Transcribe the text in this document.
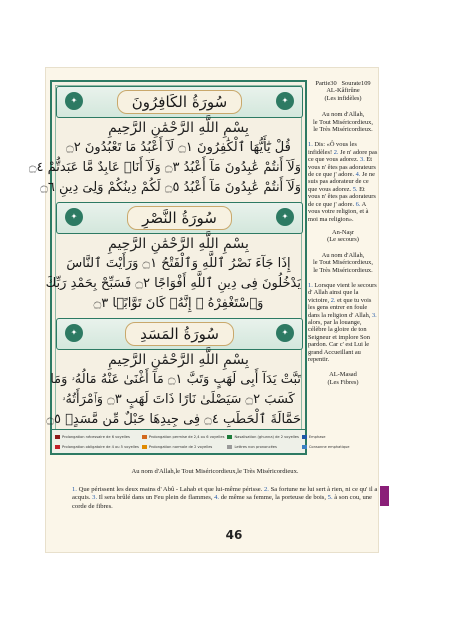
✦	سُورَةُ الكَافِرُونَ	✦
بِسْمِ اللَّهِ الرَّحْمَٰنِ الرَّحِيمِ
قُلْ يَٰٓأَيُّهَا ٱلْكَٰفِرُونَ ۝١ لَآ أَعْبُدُ مَا تَعْبُدُونَ ۝٢
وَلَآ أَنتُمْ عَٰبِدُونَ مَآ أَعْبُدُ ۝٣ وَلَآ أَنَا۠ عَابِدٌ مَّا عَبَدتُّمْ ۝٤
وَلَآ أَنتُمْ عَٰبِدُونَ مَآ أَعْبُدُ ۝٥ لَكُمْ دِينُكُمْ وَلِىَ دِينِ ۝٦
✦	سُورَةُ النَّصْرِ	✦
بِسْمِ اللَّهِ الرَّحْمَٰنِ الرَّحِيمِ
إِذَا جَآءَ نَصْرُ ٱللَّهِ وَٱلْفَتْحُ ۝١ وَرَأَيْتَ ٱلنَّاسَ
يَدْخُلُونَ فِى دِينِ ٱللَّهِ أَفْوَاجًا ۝٢ فَسَبِّحْ بِحَمْدِ رَبِّكَ
وَٱسْتَغْفِرْهُ ۚ إِنَّهُۥ كَانَ تَوَّابًۢا ۝٣
✦	سُورَةُ المَسَدِ	✦
بِسْمِ اللَّهِ الرَّحْمَٰنِ الرَّحِيمِ
تَبَّتْ يَدَآ أَبِى لَهَبٍ وَتَبَّ ۝١ مَآ أَغْنَىٰ عَنْهُ مَالُهُۥ وَمَا
كَسَبَ ۝٢ سَيَصْلَىٰ نَارًا ذَاتَ لَهَبٍ ۝٣ وَٱمْرَأَتُهُۥ
حَمَّالَةَ ٱلْحَطَبِ ۝٤ فِى جِيدِهَا حَبْلٌ مِّن مَّسَدٍۭ ۝٥
Prolongation nécessaire de 6 voyelles	Prolongation permise de 2,4 ou 6 voyelles	Nasalisation (ghunna) de 2 voyelles	Emphase
Prolongation obligatoire de 4 ou 5 voyelles	Prolongation normale de 2 voyelles	Lettres non prononcées	Consonne emphatique

Partie30 Sourate109

AL-Kâfirûne

(Les infidèles)

Au nom d'Allah,

le Tout Miséricordieux,

le Très Miséricordieux.

1. Dis: «Ô vous les infidèles! 2. Je n' adore pas ce que vous adorez. 3. Et vous n' êtes pas adorateurs de ce que j' adore. 4. Je ne suis pas adorateur de ce que vous adorez. 5. Et vous n' êtes pas adorateurs de ce que j' adore. 6. A vous votre religion, et à moi ma religion».

An-Naşr

(Le secours)

Au nom d'Allah,

le Tout Miséricordieux,

le Très Miséricordieux.

1. Lorsque vient le secours d' Allah ainsi que la victoire, 2. et que tu vois les gens entrer en foule dans la religion d' Allah, 3. alors, par la louange, célèbre la gloire de ton Seigneur et implore Son pardon. Car c' est Lui le grand Accueillant au repentir.

AL-Masad

(Les Fibres)

Au nom d'Allah,le Tout Miséricordieux,le Très Miséricordieux.
1. Que périssent les deux mains d' Abû - Lahab et que lui-même périsse. 2. Sa fortune ne lui sert à rien, ni ce qu' il a acquis. 3. Il sera brûlé dans un Feu plein de flammes, 4. de même sa femme, la porteuse de bois, 5. à son cou, une corde de fibres.
46
